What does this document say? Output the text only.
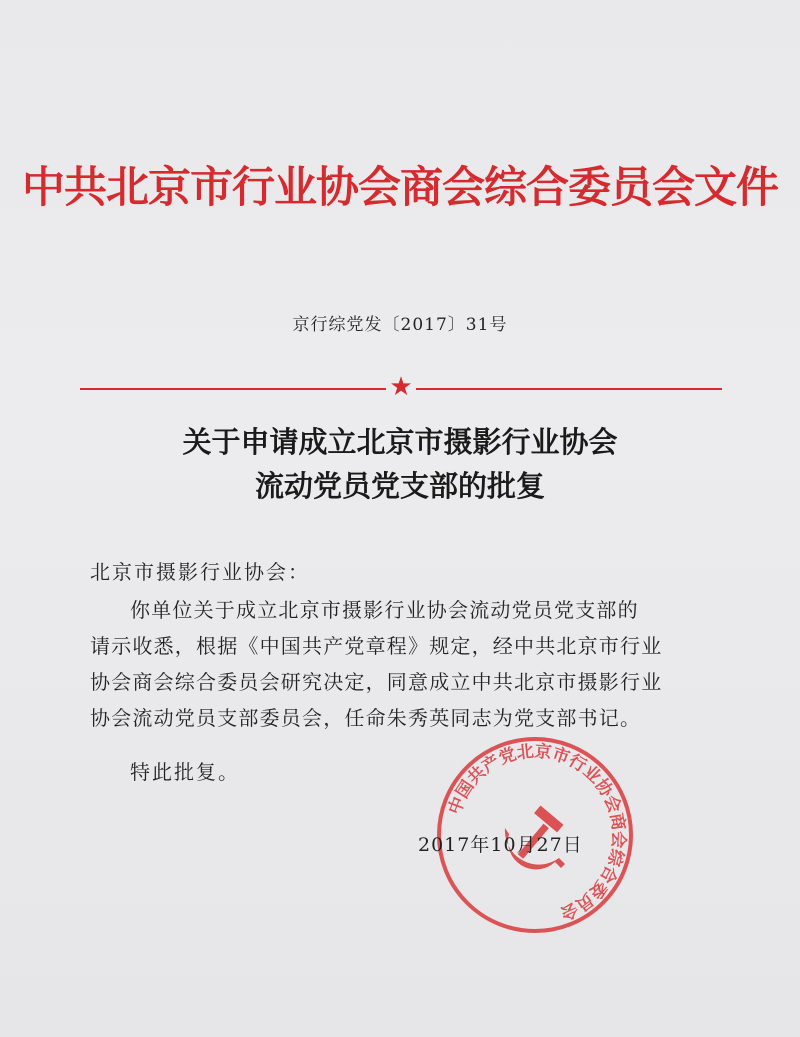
中共北京市行业协会商会综合委员会文件
京行综党发〔2017〕31号
★
关于申请成立北京市摄影行业协会
流动党员党支部的批复
北京市摄影行业协会：
你单位关于成立北京市摄影行业协会流动党员党支部的
请示收悉，根据《中国共产党章程》规定，经中共北京市行业
协会商会综合委员会研究决定，同意成立中共北京市摄影行业
协会流动党员支部委员会，任命朱秀英同志为党支部书记。
特此批复。
中国共产党北京市行业协会商会综合委员会
2017年10月27日
